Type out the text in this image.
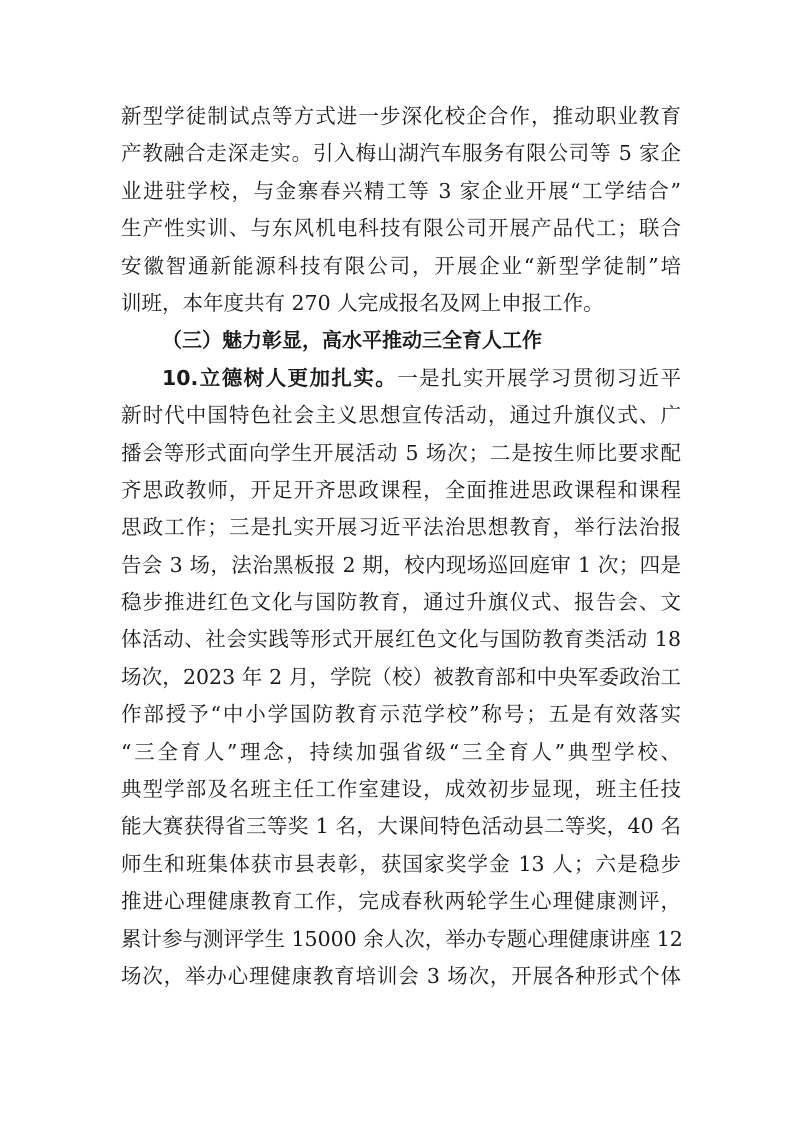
新型学徒制试点等方式进一步深化校企合作，推动职业教育
产教融合走深走实。引入梅山湖汽车服务有限公司等 5 家企
业进驻学校，与金寨春兴精工等 3 家企业开展“工学结合”
生产性实训、与东风机电科技有限公司开展产品代工；联合
安徽智通新能源科技有限公司，开展企业“新型学徒制”培
训班，本年度共有 270 人完成报名及网上申报工作。
（三）魅力彰显，高水平推动三全育人工作
10.立德树人更加扎实。一是扎实开展学习贯彻习近平
新时代中国特色社会主义思想宣传活动，通过升旗仪式、广
播会等形式面向学生开展活动 5 场次；二是按生师比要求配
齐思政教师，开足开齐思政课程，全面推进思政课程和课程
思政工作；三是扎实开展习近平法治思想教育，举行法治报
告会 3 场，法治黑板报 2 期，校内现场巡回庭审 1 次；四是
稳步推进红色文化与国防教育，通过升旗仪式、报告会、文
体活动、社会实践等形式开展红色文化与国防教育类活动 18
场次，2023 年 2 月，学院（校）被教育部和中央军委政治工
作部授予“中小学国防教育示范学校”称号；五是有效落实
“三全育人”理念，持续加强省级“三全育人”典型学校、
典型学部及名班主任工作室建设，成效初步显现，班主任技
能大赛获得省三等奖 1 名，大课间特色活动县二等奖，40 名
师生和班集体获市县表彰，获国家奖学金 13 人；六是稳步
推进心理健康教育工作，完成春秋两轮学生心理健康测评，
累计参与测评学生 15000 余人次，举办专题心理健康讲座 12
场次，举办心理健康教育培训会 3 场次，开展各种形式个体
